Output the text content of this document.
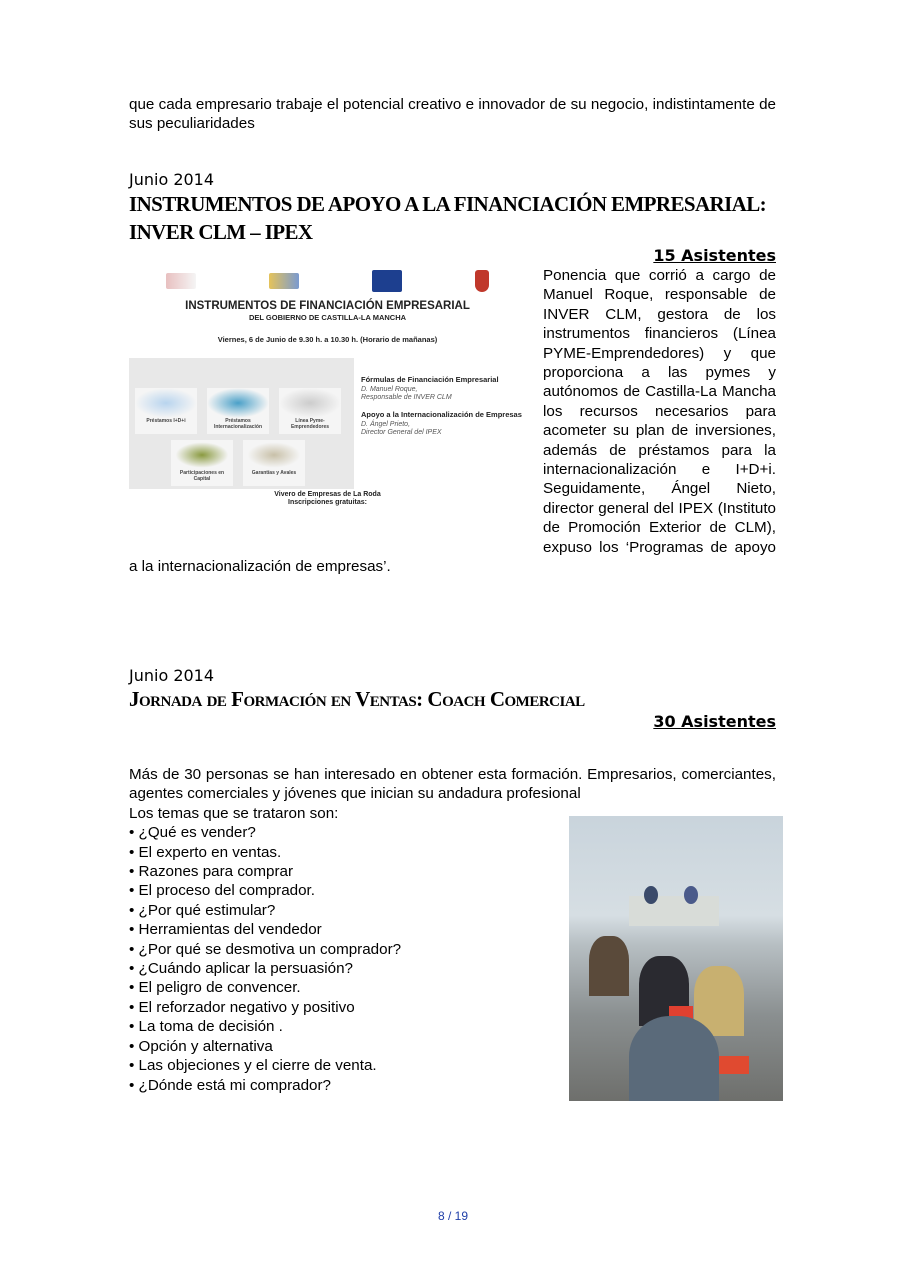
que cada empresario trabaje el potencial creativo e innovador de su negocio, indistintamente de sus peculiaridades
Junio 2014
INSTRUMENTOS DE APOYO A LA FINANCIACIÓN EMPRESARIAL:
INVER CLM – IPEX
15 Asistentes
INSTRUMENTOS DE FINANCIACIÓN EMPRESARIAL
DEL GOBIERNO DE CASTILLA-LA MANCHA
Viernes, 6 de Junio de 9.30 h. a 10.30 h. (Horario de mañanas)
Préstamos I+D+i	Préstamos Internacionalización
Línea Pyme-Emprendedores
Participaciones en Capital
Garantías y Avales
Fórmulas de Financiación Empresarial
D. Manuel Roque,
Responsable de INVER CLM

Apoyo a la Internacionalización de Empresas
D. Ángel Prieto,
Director General del IPEX
Vivero de Empresas de La Roda
Inscripciones gratuitas:
Ponencia que corrió a cargo de Manuel Roque, responsable de INVER CLM, gestora de los instrumentos financieros (Línea PYME-Emprendedores) y que proporciona a las pymes y autónomos de Castilla-La Mancha los recursos necesarios para acometer su plan de inversiones, además de préstamos para la internacionalización e I+D+i. Seguidamente, Ángel Nieto, director general del IPEX (Instituto de Promoción Exterior de CLM), expuso los ‘Programas de apoyo a la internacionalización de empresas’.
Junio 2014
Jornada de Formación en Ventas: Coach Comercial
30 Asistentes
Más de 30 personas se han interesado en obtener esta formación. Empresarios, comerciantes, agentes comerciales y jóvenes que inician su andadura profesional
Los temas que se trataron son:
• ¿Qué es vender?
• El experto en ventas.
• Razones para comprar
• El proceso del comprador.
• ¿Por qué estimular?
• Herramientas del vendedor
• ¿Por qué se desmotiva un comprador?
• ¿Cuándo aplicar la persuasión?
• El peligro de convencer.
• El reforzador negativo y positivo
• La toma de decisión .
• Opción y alternativa
• Las objeciones y el cierre de venta.
• ¿Dónde está mi comprador?
8 / 19
